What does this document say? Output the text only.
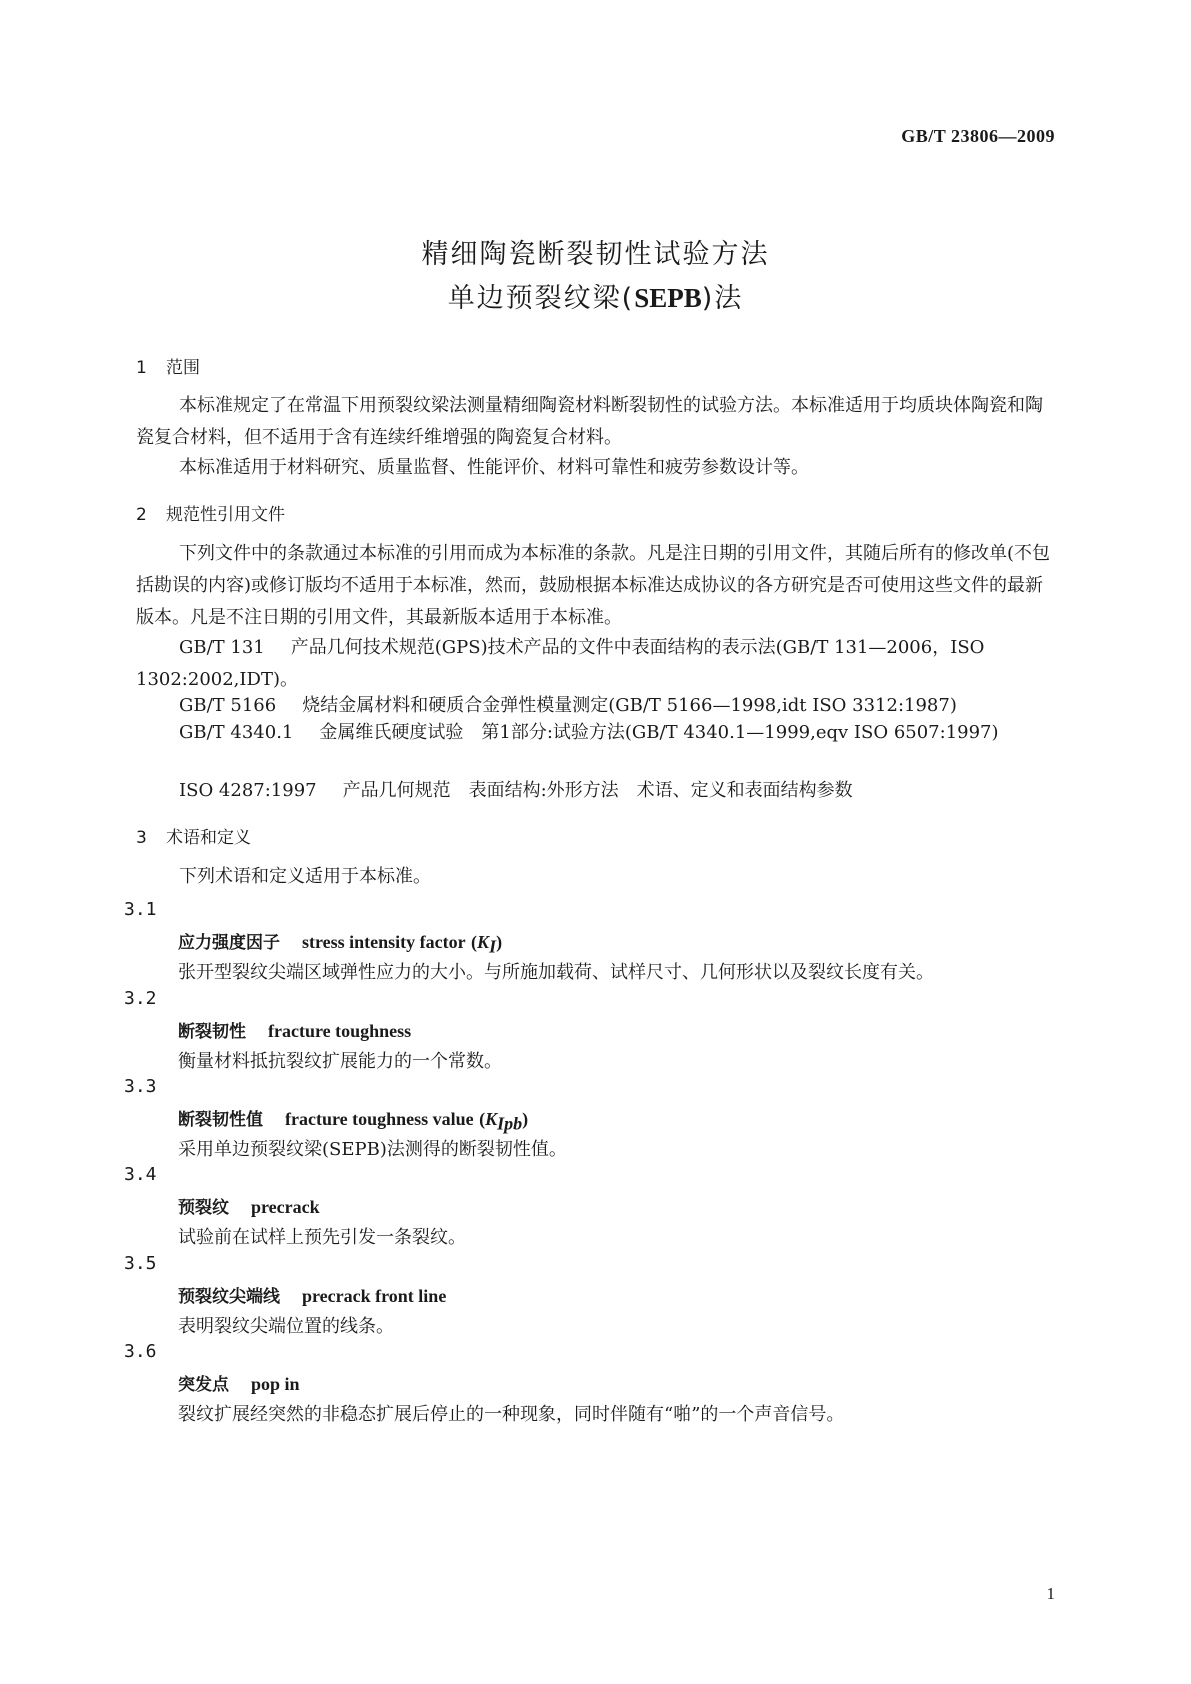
GB/T 23806—2009
精细陶瓷断裂韧性试验方法
单边预裂纹梁(SEPB)法
1 范围
本标准规定了在常温下用预裂纹梁法测量精细陶瓷材料断裂韧性的试验方法。本标准适用于均质块体陶瓷和陶瓷复合材料，但不适用于含有连续纤维增强的陶瓷复合材料。
本标准适用于材料研究、质量监督、性能评价、材料可靠性和疲劳参数设计等。
2 规范性引用文件
下列文件中的条款通过本标准的引用而成为本标准的条款。凡是注日期的引用文件，其随后所有的修改单(不包括勘误的内容)或修订版均不适用于本标准，然而，鼓励根据本标准达成协议的各方研究是否可使用这些文件的最新版本。凡是不注日期的引用文件，其最新版本适用于本标准。
GB/T 131 产品几何技术规范(GPS)技术产品的文件中表面结构的表示法(GB/T 131—2006，ISO 1302:2002,IDT)。
GB/T 5166 烧结金属材料和硬质合金弹性模量测定(GB/T 5166—1998,idt ISO 3312:1987)
GB/T 4340.1 金属维氏硬度试验　第1部分:试验方法(GB/T 4340.1—1999,eqv ISO 6507:1997)
ISO 4287:1997 产品几何规范　表面结构:外形方法　术语、定义和表面结构参数
3 术语和定义
下列术语和定义适用于本标准。
3.1
应力强度因子 stress intensity factor $(K_I)$
张开型裂纹尖端区域弹性应力的大小。与所施加载荷、试样尺寸、几何形状以及裂纹长度有关。
3.2
断裂韧性 fracture toughness
衡量材料抵抗裂纹扩展能力的一个常数。
3.3
断裂韧性值 fracture toughness value $(K_{Ipb})$
采用单边预裂纹梁(SEPB)法测得的断裂韧性值。
3.4
预裂纹 precrack
试验前在试样上预先引发一条裂纹。
3.5
预裂纹尖端线 precrack front line
表明裂纹尖端位置的线条。
3.6
突发点 pop in
裂纹扩展经突然的非稳态扩展后停止的一种现象，同时伴随有“啪”的一个声音信号。
1
